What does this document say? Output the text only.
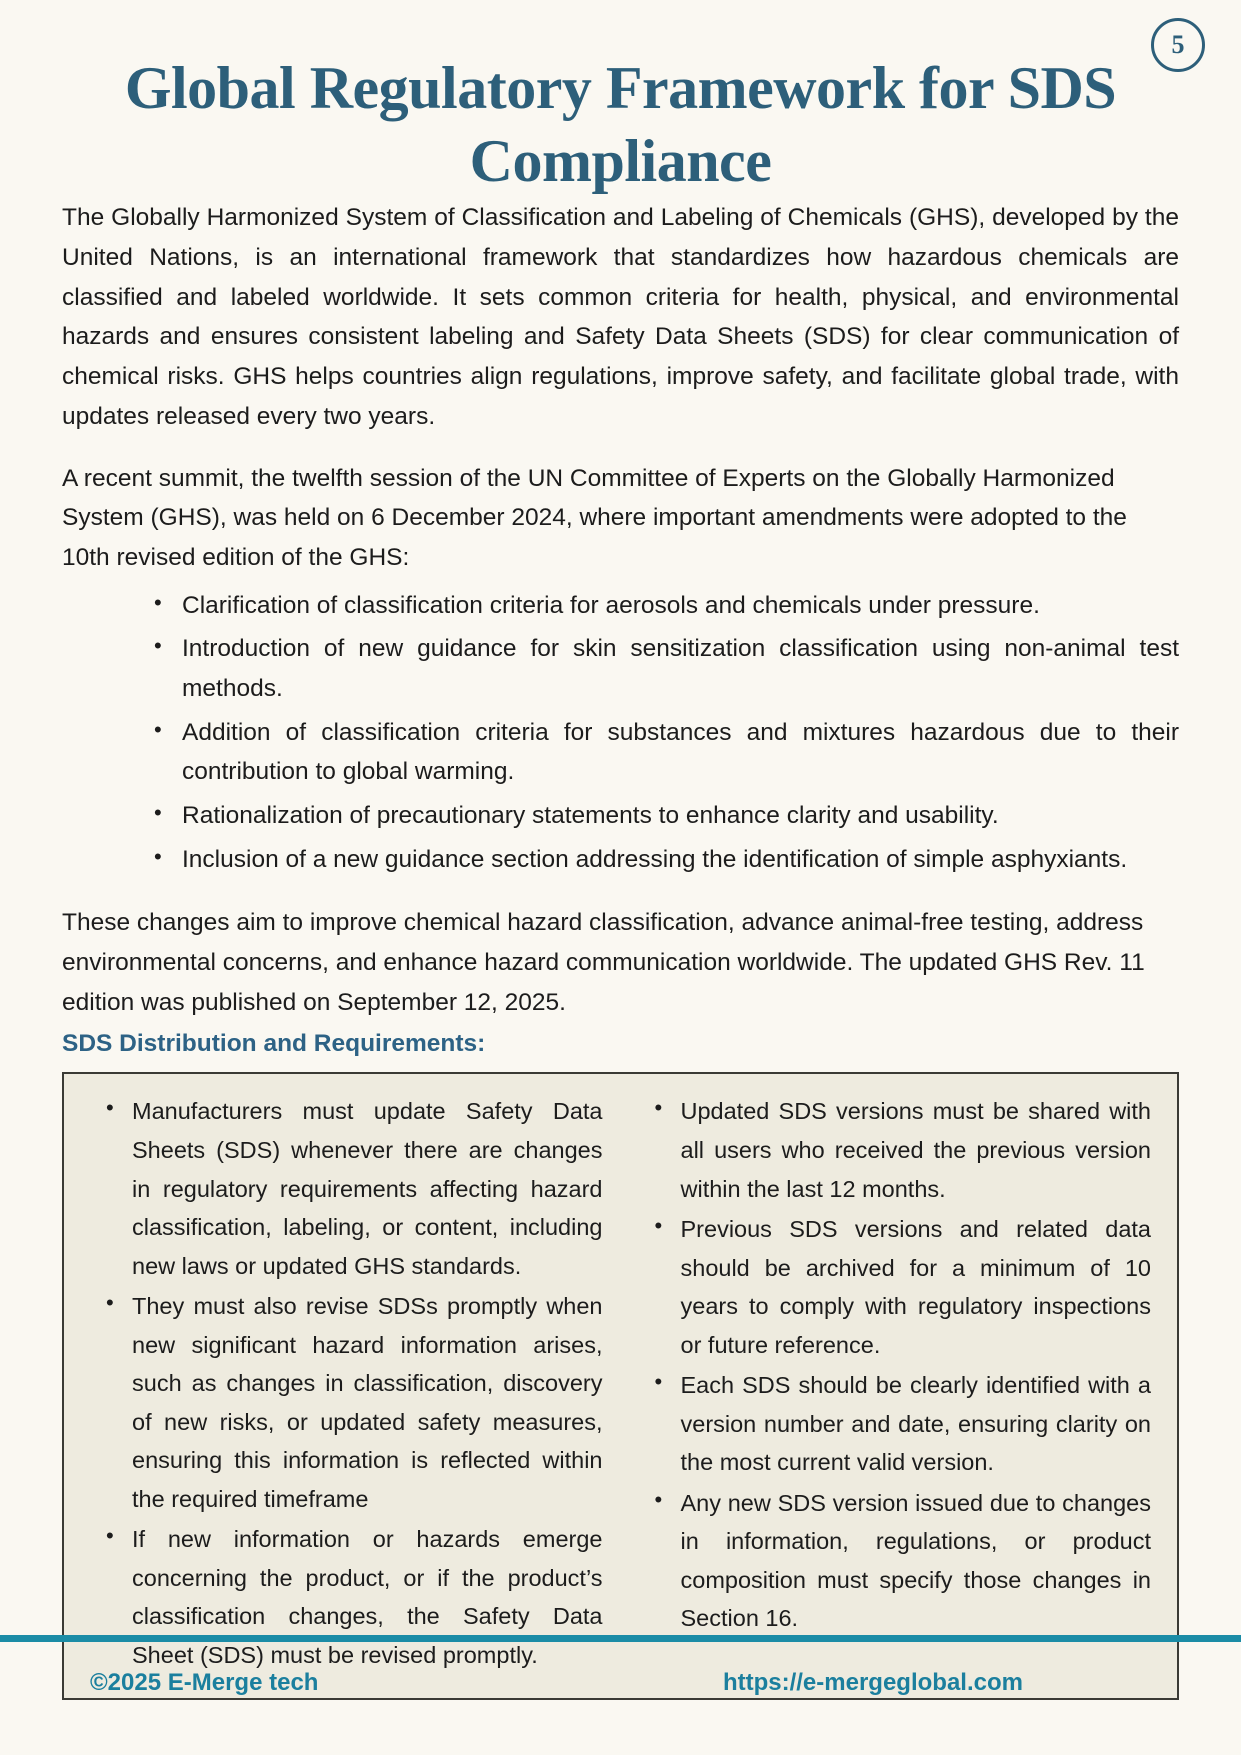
5
Global Regulatory Framework for SDS Compliance

The Globally Harmonized System of Classification and Labeling of Chemicals (GHS), developed by the United Nations, is an international framework that standardizes how hazardous chemicals are classified and labeled worldwide. It sets common criteria for health, physical, and environmental hazards and ensures consistent labeling and Safety Data Sheets (SDS) for clear communication of chemical risks. GHS helps countries align regulations, improve safety, and facilitate global trade, with updates released every two years.

A recent summit, the twelfth session of the UN Committee of Experts on the Globally Harmonized System (GHS), was held on 6 December 2024, where important amendments were adopted to the 10th revised edition of the GHS:

• Clarification of classification criteria for aerosols and chemicals under pressure.
• Introduction of new guidance for skin sensitization classification using non-animal test methods.
• Addition of classification criteria for substances and mixtures hazardous due to their contribution to global warming.
• Rationalization of precautionary statements to enhance clarity and usability.
• Inclusion of a new guidance section addressing the identification of simple asphyxiants.

These changes aim to improve chemical hazard classification, advance animal-free testing, address environmental concerns, and enhance hazard communication worldwide. The updated GHS Rev. 11 edition was published on September 12, 2025.

SDS Distribution and Requirements:
• Manufacturers must update Safety Data Sheets (SDS) whenever there are changes in regulatory requirements affecting hazard classification, labeling, or content, including new laws or updated GHS standards.
• They must also revise SDSs promptly when new significant hazard information arises, such as changes in classification, discovery of new risks, or updated safety measures, ensuring this information is reflected within the required timeframe
• If new information or hazards emerge concerning the product, or if the product’s classification changes, the Safety Data Sheet (SDS) must be revised promptly.
• Updated SDS versions must be shared with all users who received the previous version within the last 12 months.
• Previous SDS versions and related data should be archived for a minimum of 10 years to comply with regulatory inspections or future reference.
• Each SDS should be clearly identified with a version number and date, ensuring clarity on the most current valid version.
• Any new SDS version issued due to changes in information, regulations, or product composition must specify those changes in Section 16.
©2025 E-Merge tech	https://e-mergeglobal.com
